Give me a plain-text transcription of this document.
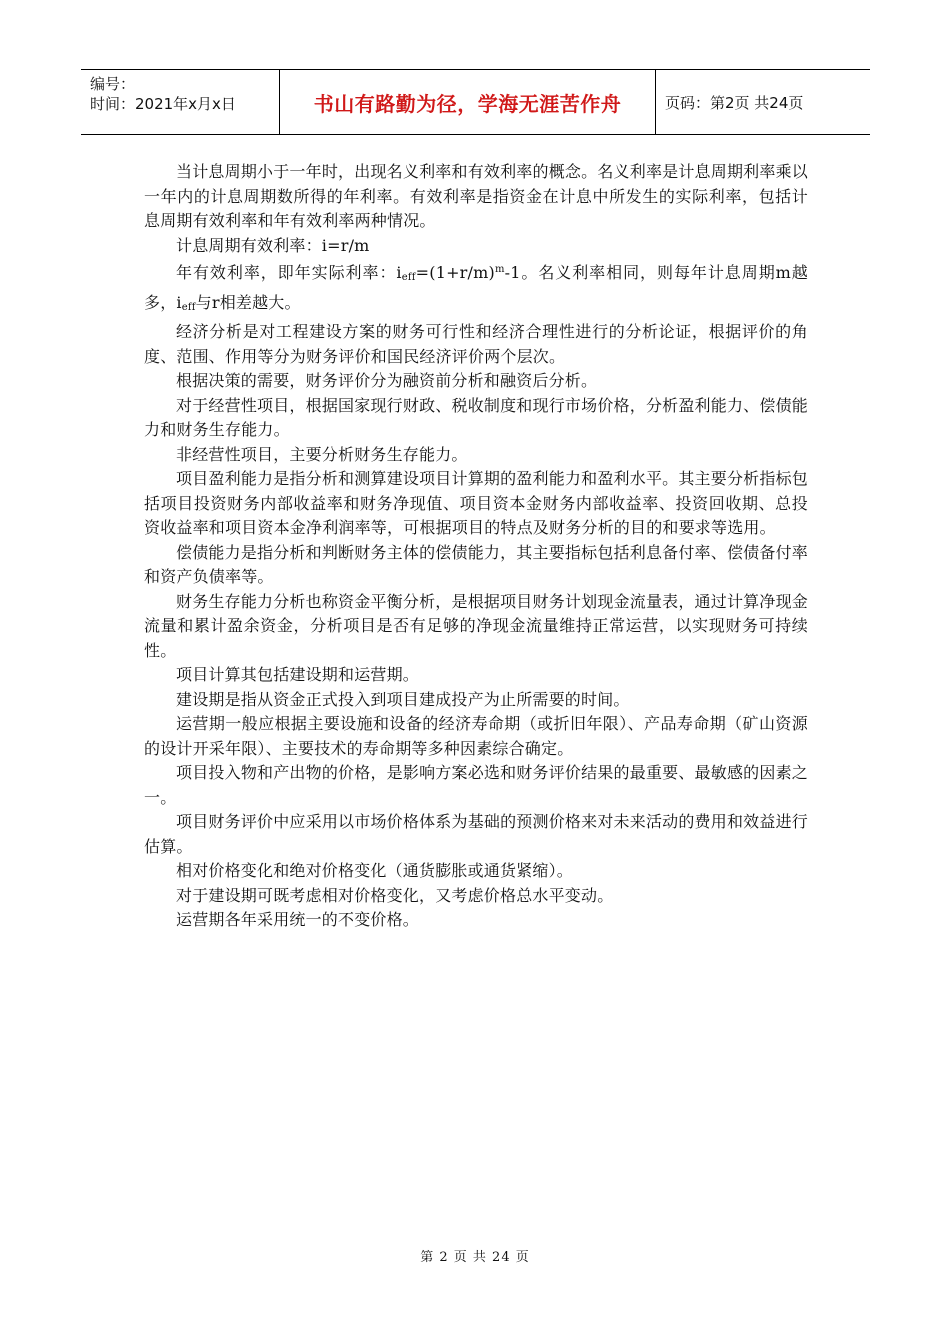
编号：
时间：2021年x月x日	书山有路勤为径，学海无涯苦作舟	页码：第2页 共24页

当计息周期小于一年时，出现名义利率和有效利率的概念。名义利率是计息周期利率乘以一年内的计息周期数所得的年利率。有效利率是指资金在计息中所发生的实际利率，包括计息周期有效利率和年有效利率两种情况。

计息周期有效利率：i=r/m

年有效利率，即年实际利率：$i_{eff}=(1+r/m)^m-1$。名义利率相同，则每年计息周期m越多，$i_{eff}$与r相差越大。

经济分析是对工程建设方案的财务可行性和经济合理性进行的分析论证，根据评价的角度、范围、作用等分为财务评价和国民经济评价两个层次。

根据决策的需要，财务评价分为融资前分析和融资后分析。

对于经营性项目，根据国家现行财政、税收制度和现行市场价格，分析盈利能力、偿债能力和财务生存能力。

非经营性项目，主要分析财务生存能力。

项目盈利能力是指分析和测算建设项目计算期的盈利能力和盈利水平。其主要分析指标包括项目投资财务内部收益率和财务净现值、项目资本金财务内部收益率、投资回收期、总投资收益率和项目资本金净利润率等，可根据项目的特点及财务分析的目的和要求等选用。

偿债能力是指分析和判断财务主体的偿债能力，其主要指标包括利息备付率、偿债备付率和资产负债率等。

财务生存能力分析也称资金平衡分析，是根据项目财务计划现金流量表，通过计算净现金流量和累计盈余资金，分析项目是否有足够的净现金流量维持正常运营，以实现财务可持续性。

项目计算其包括建设期和运营期。

建设期是指从资金正式投入到项目建成投产为止所需要的时间。

运营期一般应根据主要设施和设备的经济寿命期（或折旧年限）、产品寿命期（矿山资源的设计开采年限）、主要技术的寿命期等多种因素综合确定。

项目投入物和产出物的价格，是影响方案必选和财务评价结果的最重要、最敏感的因素之一。

项目财务评价中应采用以市场价格体系为基础的预测价格来对未来活动的费用和效益进行估算。

相对价格变化和绝对价格变化（通货膨胀或通货紧缩）。

对于建设期可既考虑相对价格变化，又考虑价格总水平变动。

运营期各年采用统一的不变价格。

第 2 页 共 24 页
